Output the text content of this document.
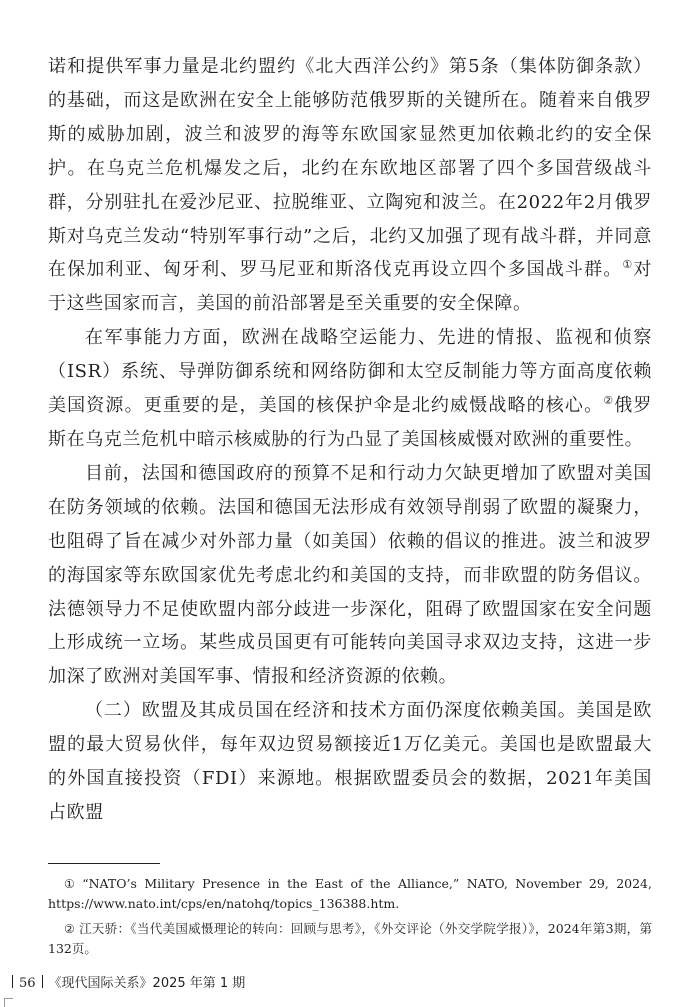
诺和提供军事力量是北约盟约《北大西洋公约》第5条（集体防御条款）的基础，而这是欧洲在安全上能够防范俄罗斯的关键所在。随着来自俄罗斯的威胁加剧，波兰和波罗的海等东欧国家显然更加依赖北约的安全保护。在乌克兰危机爆发之后，北约在东欧地区部署了四个多国营级战斗群，分别驻扎在爱沙尼亚、拉脱维亚、立陶宛和波兰。在2022年2月俄罗斯对乌克兰发动“特别军事行动”之后，北约又加强了现有战斗群，并同意在保加利亚、匈牙利、罗马尼亚和斯洛伐克再设立四个多国战斗群。①对于这些国家而言，美国的前沿部署是至关重要的安全保障。

在军事能力方面，欧洲在战略空运能力、先进的情报、监视和侦察（ISR）系统、导弹防御系统和网络防御和太空反制能力等方面高度依赖美国资源。更重要的是，美国的核保护伞是北约威慑战略的核心。②俄罗斯在乌克兰危机中暗示核威胁的行为凸显了美国核威慑对欧洲的重要性。

目前，法国和德国政府的预算不足和行动力欠缺更增加了欧盟对美国在防务领域的依赖。法国和德国无法形成有效领导削弱了欧盟的凝聚力，也阻碍了旨在减少对外部力量（如美国）依赖的倡议的推进。波兰和波罗的海国家等东欧国家优先考虑北约和美国的支持，而非欧盟的防务倡议。法德领导力不足使欧盟内部分歧进一步深化，阻碍了欧盟国家在安全问题上形成统一立场。某些成员国更有可能转向美国寻求双边支持，这进一步加深了欧洲对美国军事、情报和经济资源的依赖。

（二）欧盟及其成员国在经济和技术方面仍深度依赖美国。美国是欧盟的最大贸易伙伴，每年双边贸易额接近1万亿美元。美国也是欧盟最大的外国直接投资（FDI）来源地。根据欧盟委员会的数据，2021年美国占欧盟

① “NATO’s Military Presence in the East of the Alliance,” NATO, November 29, 2024, https://www.nato.int/cps/en/natohq/topics_136388.htm.

② 江天骄：《当代美国威慑理论的转向：回顾与思考》，《外交评论（外交学院学报）》，2024年第3期，第132页。

56 《现代国际关系》2025 年第 1 期
